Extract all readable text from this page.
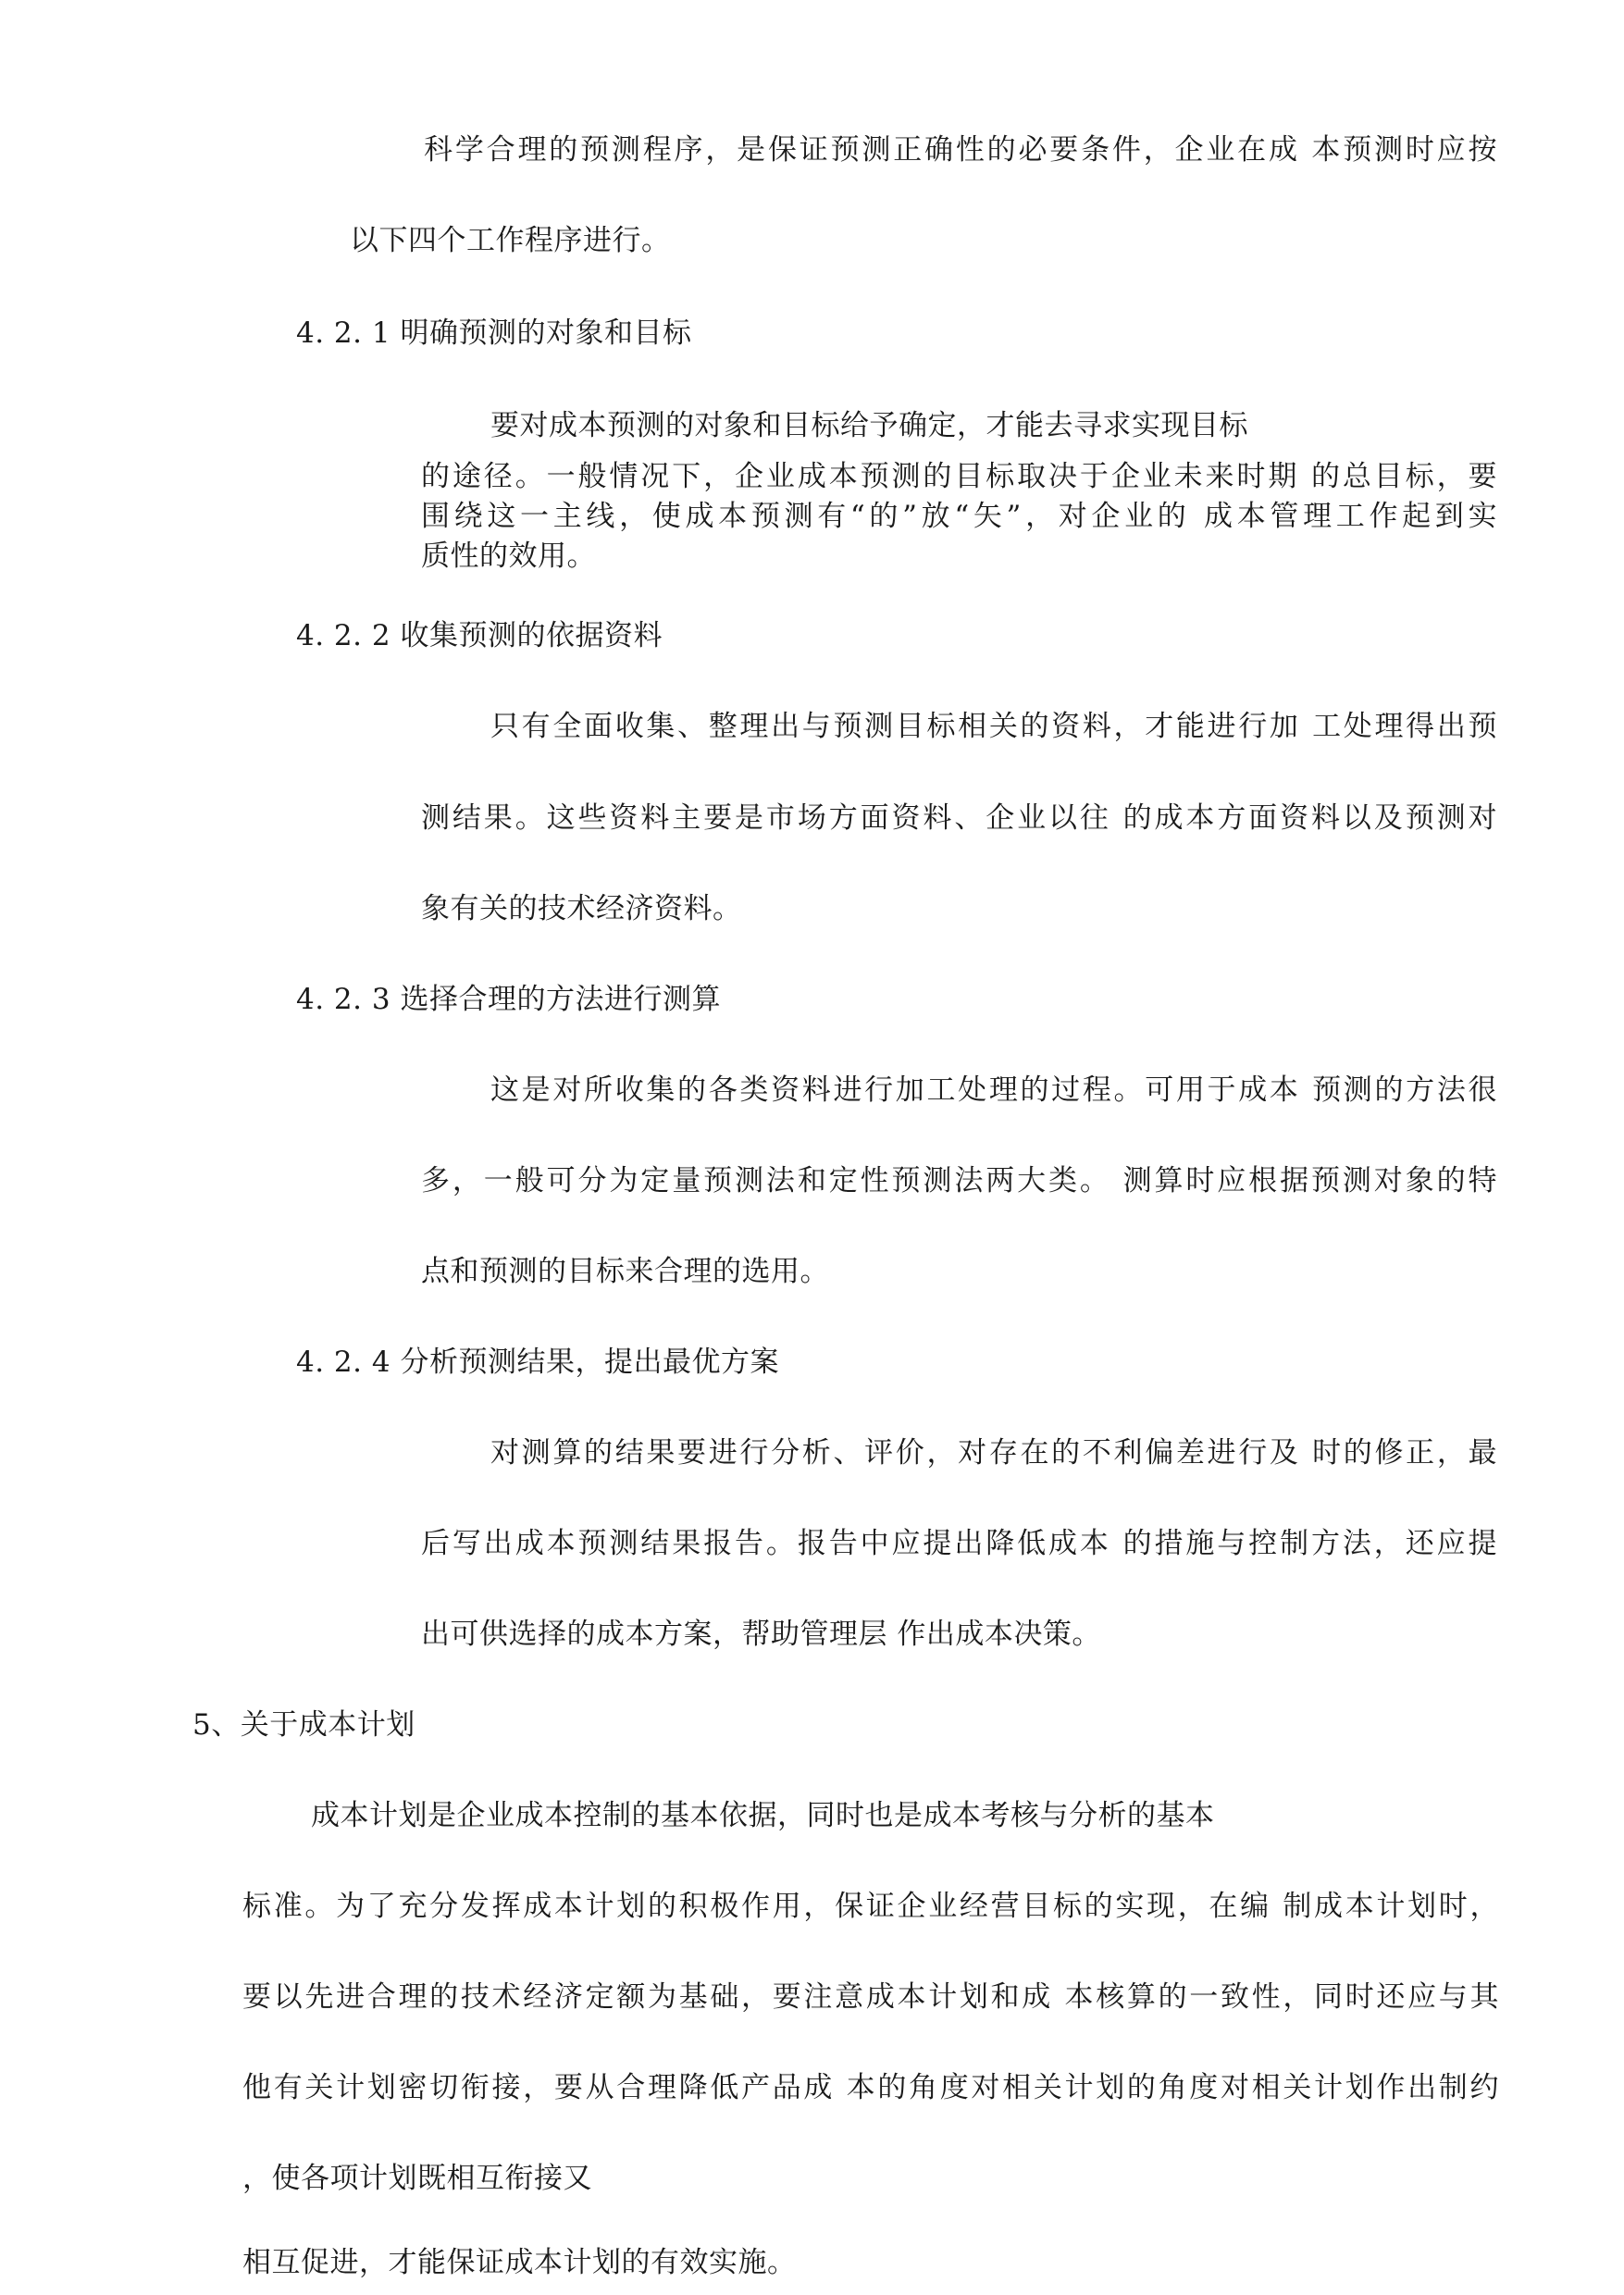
科学合理的预测程序，是保证预测正确性的必要条件，企业在成 本预测时应按
以下四个工作程序进行。
4. 2. 1 明确预测的对象和目标
要对成本预测的对象和目标给予确定，才能去寻求实现目标
的途径。一般情况下，企业成本预测的目标取决于企业未来时期 的总目标，要
围绕这一主线，使成本预测有“的”放“矢”，对企业的 成本管理工作起到实
质性的效用。
4. 2. 2 收集预测的依据资料
只有全面收集、整理出与预测目标相关的资料，才能进行加 工处理得出预
测结果。这些资料主要是市场方面资料、企业以往 的成本方面资料以及预测对
象有关的技术经济资料。
4. 2. 3 选择合理的方法进行测算
这是对所收集的各类资料进行加工处理的过程。可用于成本 预测的方法很
多，一般可分为定量预测法和定性预测法两大类。 测算时应根据预测对象的特
点和预测的目标来合理的选用。
4. 2. 4 分析预测结果，提出最优方案
对测算的结果要进行分析、评价，对存在的不利偏差进行及 时的修正，最
后写出成本预测结果报告。报告中应提出降低成本 的措施与控制方法，还应提
出可供选择的成本方案，帮助管理层 作出成本决策。
5、关于成本计划
成本计划是企业成本控制的基本依据，同时也是成本考核与分析的基本
标准。为了充分发挥成本计划的积极作用，保证企业经营目标的实现，在编 制成本计划时，
要以先进合理的技术经济定额为基础，要注意成本计划和成 本核算的一致性，同时还应与其
他有关计划密切衔接，要从合理降低产品成 本的角度对相关计划的角度对相关计划作出制约
，使各项计划既相互衔接又
相互促进，才能保证成本计划的有效实施。
